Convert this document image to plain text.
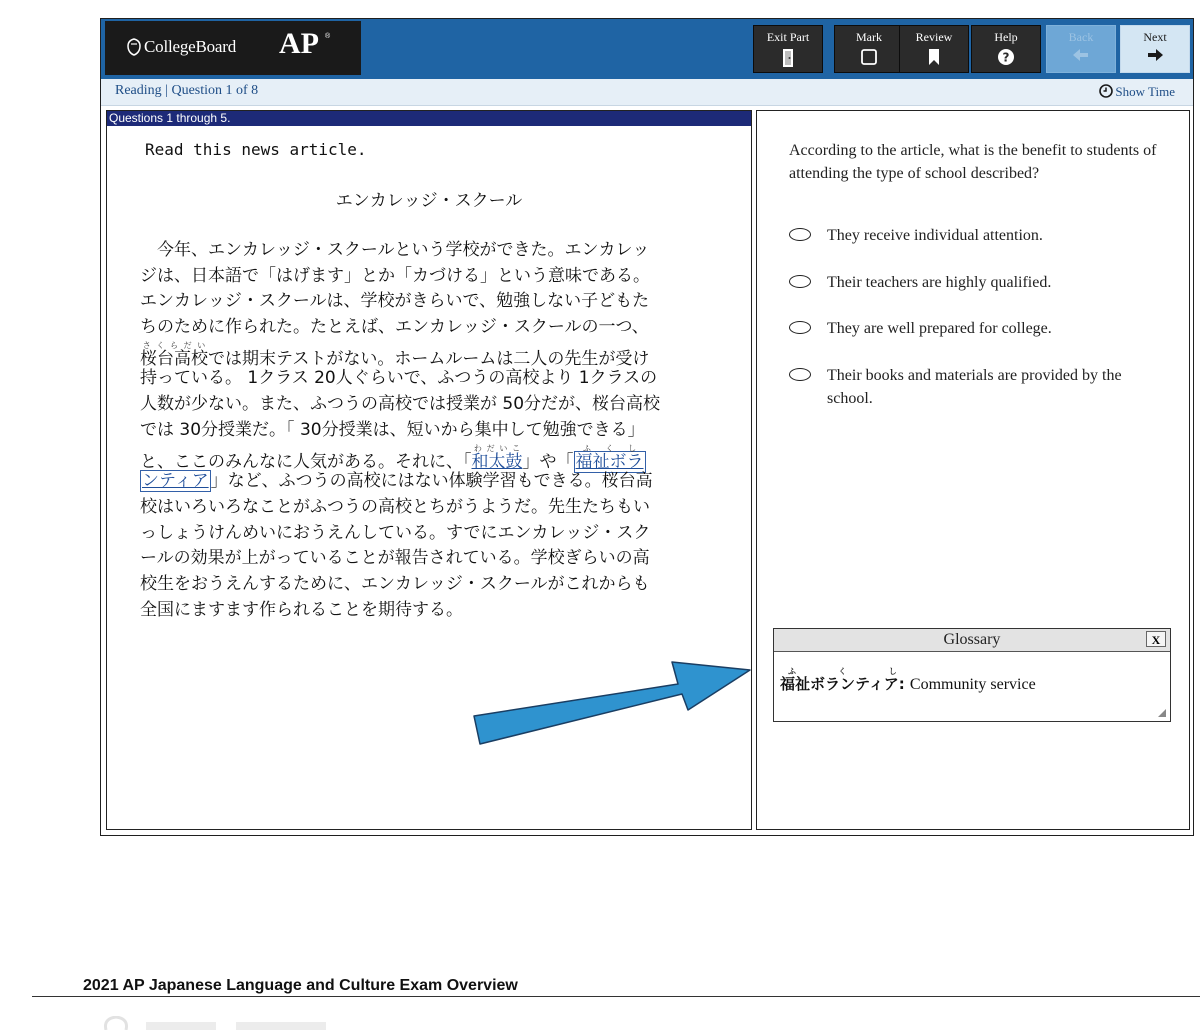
CollegeBoard AP ®	Exit Part	Mark	Review	Help
?
Back	Next
Reading | Question 1 of 8	Show Time
Questions 1 through 5.
Read this news article.
エンカレッジ・スクール
　今年、エンカレッジ・スクールという学校ができた。エンカレッ
ジは、日本語で「はげます」とか「カづける」という意味である。
エンカレッジ・スクールは、学校がきらいで、勉強しない子どもた
ちのために作られた。たとえば、エンカレッジ・スクールの一つ、
桜台高校さくらだいでは期末テストがない。ホームルームは二人の先生が受け
持っている。 1クラス 20人ぐらいで、ふつうの高校より 1クラスの
人数が少ない。また、ふつうの高校では授業が 50分だが、桜台高校
では 30分授業だ。「 30分授業は、短いから集中して勉強できる」
と、ここのみんなに人気がある。それに、「和太鼓わだいこ」や「 福祉ボラふくし
ンティア 」など、ふつうの高校にはない体験学習もできる。桜台高
校はいろいろなことがふつうの高校とちがうようだ。先生たちもい
っしょうけんめいにおうえんしている。すでにエンカレッジ・スク
ールの効果が上がっていることが報告されている。学校ぎらいの高
校生をおうえんするために、エンカレッジ・スクールがこれからも
全国にますます作られることを期待する。
According to the article, what is the benefit to students of attending the type of school described?
They receive individual attention.
Their teachers are highly qualified.
They are well prepared for college.
Their books and materials are provided by the school.
Glossary	X
福祉ボランティア:ふくし Community service
2021 AP Japanese Language and Culture Exam Overview
